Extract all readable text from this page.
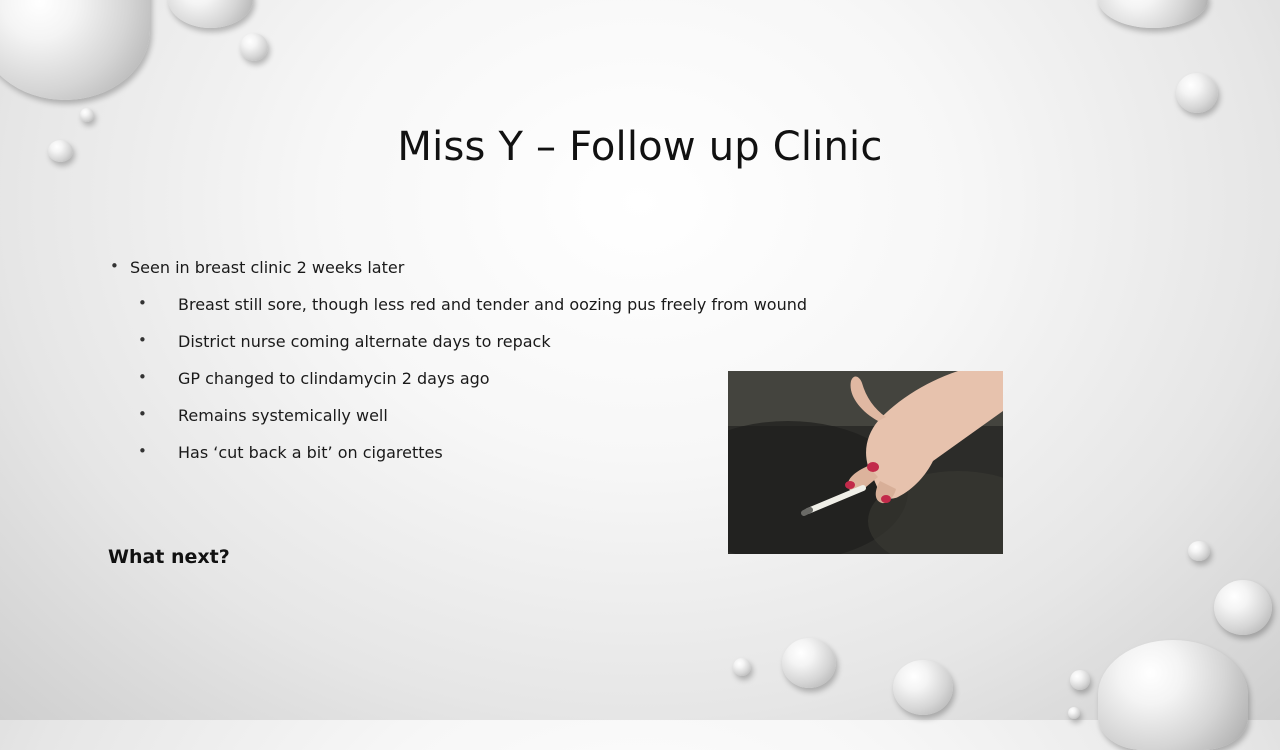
Miss Y – Follow up Clinic
• Seen in breast clinic 2 weeks later
• Breast still sore, though less red and tender and oozing pus freely from wound
• District nurse coming alternate days to repack
• GP changed to clindamycin 2 days ago
• Remains systemically well
• Has ‘cut back a bit’ on cigarettes
What next?
